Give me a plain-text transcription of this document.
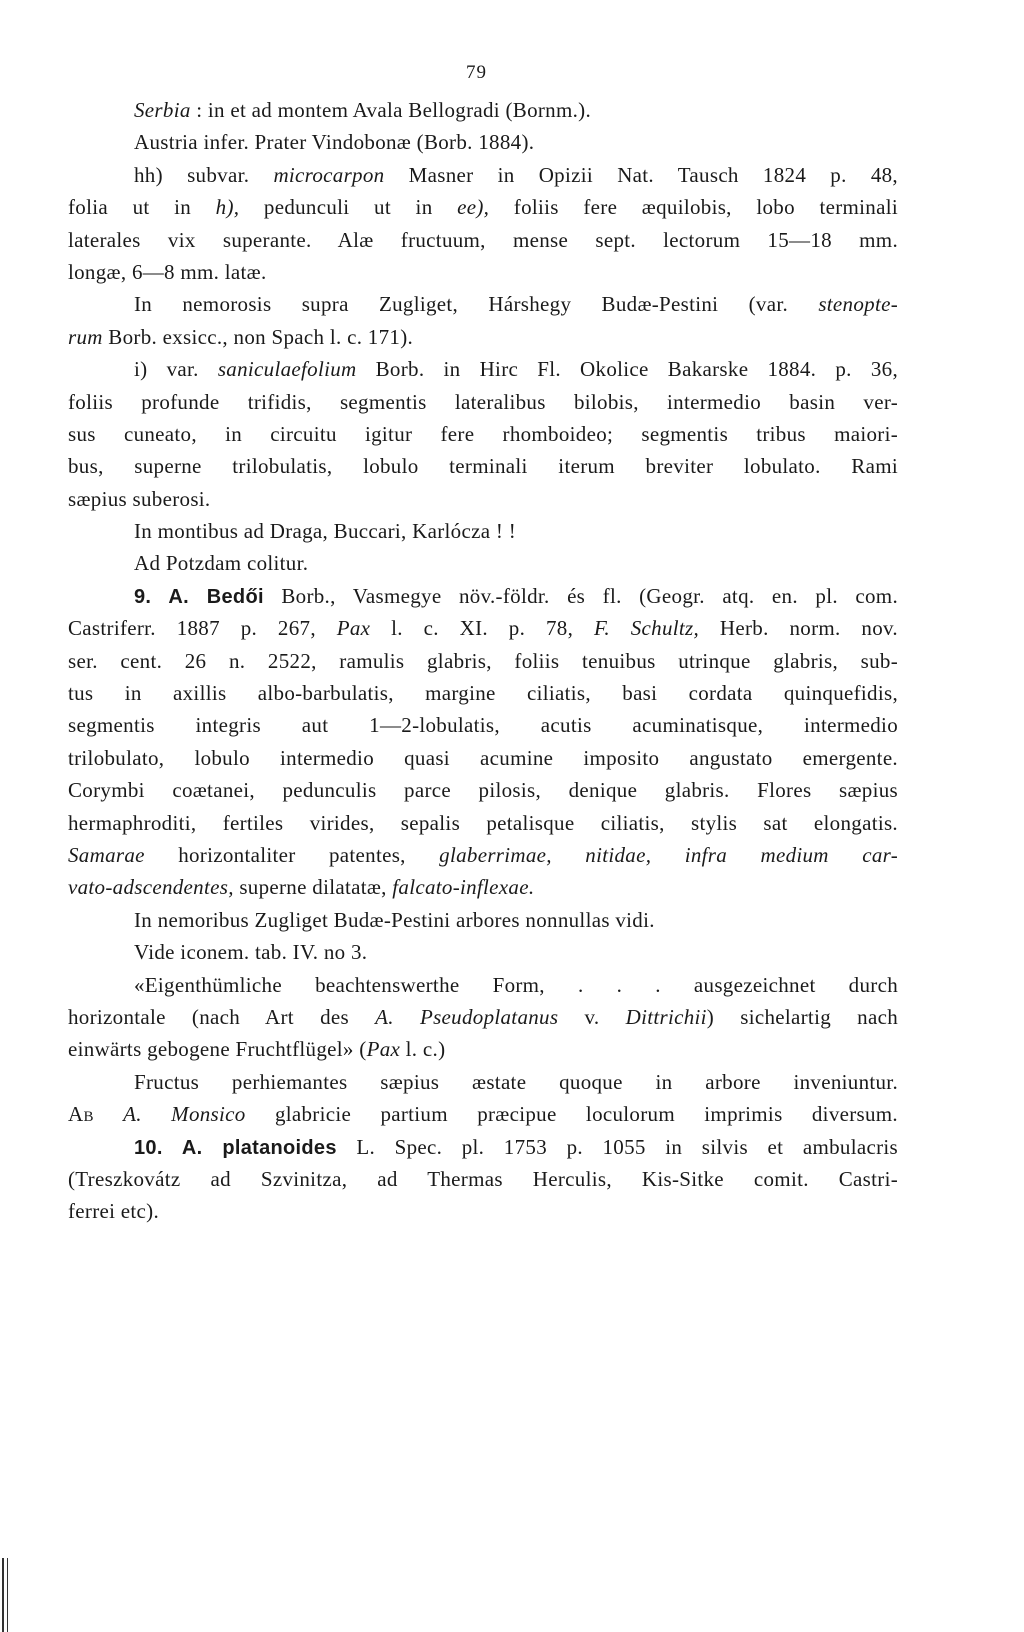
79
Serbia : in et ad montem Avala Bellogradi (Bornm.).
Austria infer. Prater Vindobonæ (Borb. 1884).
hh) subvar. microcarpon Masner in Opizii Nat. Tausch 1824 p. 48,
folia ut in h), pedunculi ut in ee), foliis fere æquilobis, lobo terminali
laterales vix superante. Alæ fructuum, mense sept. lectorum 15—18 mm.
longæ, 6—8 mm. latæ.
In nemorosis supra Zugliget, Hárshegy Budæ-Pestini (var. stenopte-
rum Borb. exsicc., non Spach l. c. 171).
i) var. saniculaefolium Borb. in Hirc Fl. Okolice Bakarske 1884. p. 36,
foliis profunde trifidis, segmentis lateralibus bilobis, intermedio basin ver-
sus cuneato, in circuitu igitur fere rhomboideo; segmentis tribus maiori-
bus, superne trilobulatis, lobulo terminali iterum breviter lobulato. Rami
sæpius suberosi.
In montibus ad Draga, Buccari, Karlócza ! !
Ad Potzdam colitur.
9. A. Bedői Borb., Vasmegye növ.-földr. és fl. (Geogr. atq. en. pl. com.
Castriferr. 1887 p. 267, Pax l. c. XI. p. 78, F. Schultz, Herb. norm. nov.
ser. cent. 26 n. 2522, ramulis glabris, foliis tenuibus utrinque glabris, sub-
tus in axillis albo-barbulatis, margine ciliatis, basi cordata quinquefidis,
segmentis integris aut 1—2-lobulatis, acutis acuminatisque, intermedio
trilobulato, lobulo intermedio quasi acumine imposito angustato emergente.
Corymbi coætanei, pedunculis parce pilosis, denique glabris. Flores sæpius
hermaphroditi, fertiles virides, sepalis petalisque ciliatis, stylis sat elongatis.
Samarae horizontaliter patentes, glaberrimae, nitidae, infra medium car-
vato-adscendentes, superne dilatatæ, falcato-inflexae.
In nemoribus Zugliget Budæ-Pestini arbores nonnullas vidi.
Vide iconem. tab. IV. no 3.
«Eigenthümliche beachtenswerthe Form, . . . ausgezeichnet durch
horizontale (nach Art des A. Pseudoplatanus v. Dittrichii) sichelartig nach
einwärts gebogene Fruchtflügel» (Pax l. c.)
Fructus perhiemantes sæpius æstate quoque in arbore inveniuntur.
Ab A. Monsico glabricie partium præcipue loculorum imprimis diversum.
10. A. platanoides L. Spec. pl. 1753 p. 1055 in silvis et ambulacris
(Treszkovátz ad Szvinitza, ad Thermas Herculis, Kis-Sitke comit. Castri-
ferrei etc).
